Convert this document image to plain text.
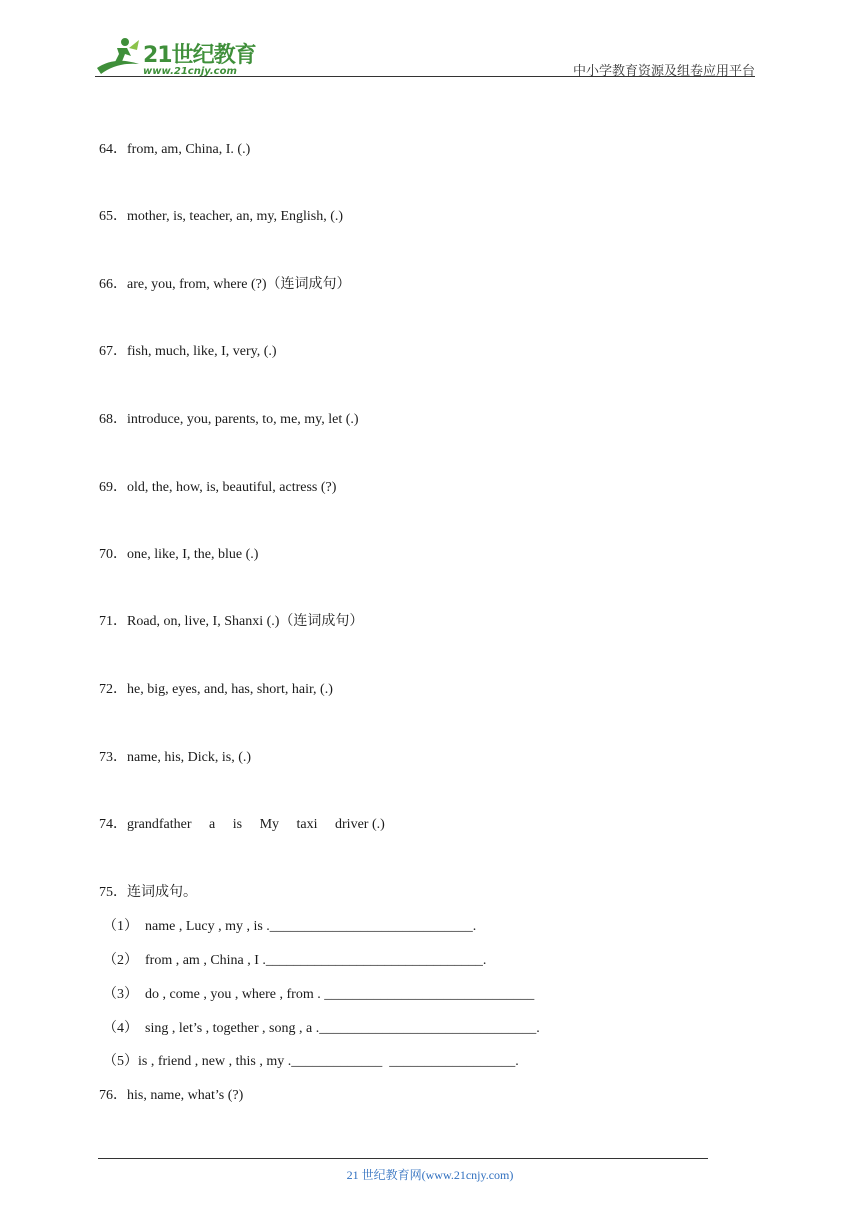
21世纪教育
www.21cnjy.com	中小学教育资源及组卷应用平台
64．from, am, China, I. (.)
65．mother, is, teacher, an, my, English, (.)
66．are, you, from, where (?)（连词成句）
67．fish, much, like, I, very, (.)
68．introduce, you, parents, to, me, my, let (.)
69．old, the, how, is, beautiful, actress (?)
70．one, like, I, the, blue (.)
71．Road, on, live, I, Shanxi (.)（连词成句）
72．he, big, eyes, and, has, short, hair, (.)
73．name, his, Dick, is, (.)
74．grandfather     a     is     My     taxi     driver (.)
75．连词成句。
（1）  name , Lucy , my , is ._____________________________.
（2）  from , am , China , I ._______________________________.
（3）  do , come , you , where , from . ______________________________
（4）  sing , let’s , together , song , a ._______________________________.
（5）is , friend , new , this , my ._____________  __________________.
76．his, name, what’s (?)
21 世纪教育网(www.21cnjy.com)
